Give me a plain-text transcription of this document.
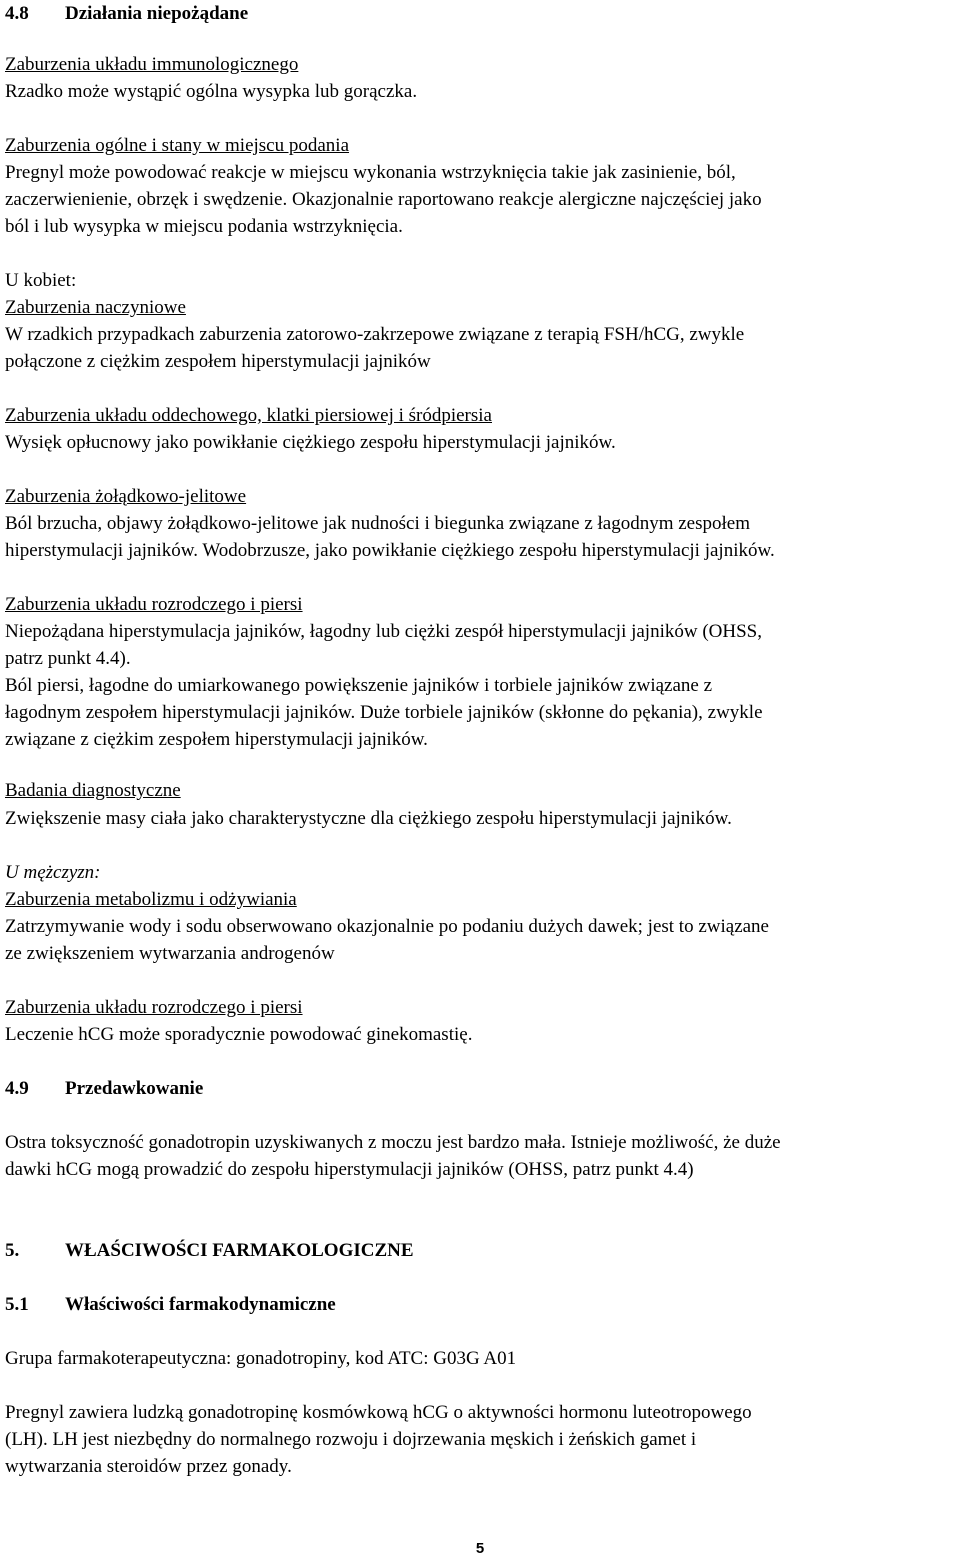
4.8 Działania niepożądane
Zaburzenia układu immunologicznego
Rzadko może wystąpić ogólna wysypka lub gorączka.
Zaburzenia ogólne i stany w miejscu podania
Pregnyl może powodować reakcje w miejscu wykonania wstrzyknięcia takie jak zasinienie, ból,
zaczerwienienie, obrzęk i swędzenie. Okazjonalnie raportowano reakcje alergiczne najczęściej jako
ból i lub wysypka w miejscu podania wstrzyknięcia.
U kobiet:
Zaburzenia naczyniowe
W rzadkich przypadkach zaburzenia zatorowo-zakrzepowe związane z terapią FSH/hCG, zwykle
połączone z ciężkim zespołem hiperstymulacji jajników
Zaburzenia układu oddechowego, klatki piersiowej i śródpiersia
Wysięk opłucnowy jako powikłanie ciężkiego zespołu hiperstymulacji jajników.
Zaburzenia żołądkowo-jelitowe
Ból brzucha, objawy żołądkowo-jelitowe jak nudności i biegunka związane z łagodnym zespołem
hiperstymulacji jajników. Wodobrzusze, jako powikłanie ciężkiego zespołu hiperstymulacji jajników.
Zaburzenia układu rozrodczego i piersi
Niepożądana hiperstymulacja jajników, łagodny lub ciężki zespół hiperstymulacji jajników (OHSS,
patrz punkt 4.4).
Ból piersi, łagodne do umiarkowanego powiększenie jajników i torbiele jajników związane z
łagodnym zespołem hiperstymulacji jajników. Duże torbiele jajników (skłonne do pękania), zwykle
związane z ciężkim zespołem hiperstymulacji jajników.
Badania diagnostyczne
Zwiększenie masy ciała jako charakterystyczne dla ciężkiego zespołu hiperstymulacji jajników.
U mężczyzn:
Zaburzenia metabolizmu i odżywiania
Zatrzymywanie wody i sodu obserwowano okazjonalnie po podaniu dużych dawek; jest to związane
ze zwiększeniem wytwarzania androgenów
Zaburzenia układu rozrodczego i piersi
Leczenie hCG może sporadycznie powodować ginekomastię.
4.9 Przedawkowanie
Ostra toksyczność gonadotropin uzyskiwanych z moczu jest bardzo mała. Istnieje możliwość, że duże
dawki hCG mogą prowadzić do zespołu hiperstymulacji jajników (OHSS, patrz punkt 4.4)
5. WŁAŚCIWOŚCI FARMAKOLOGICZNE
5.1 Właściwości farmakodynamiczne
Grupa farmakoterapeutyczna: gonadotropiny, kod ATC: G03G A01
Pregnyl zawiera ludzką gonadotropinę kosmówkową hCG o aktywności hormonu luteotropowego
(LH). LH jest niezbędny do normalnego rozwoju i dojrzewania męskich i żeńskich gamet i
wytwarzania steroidów przez gonady.
5
